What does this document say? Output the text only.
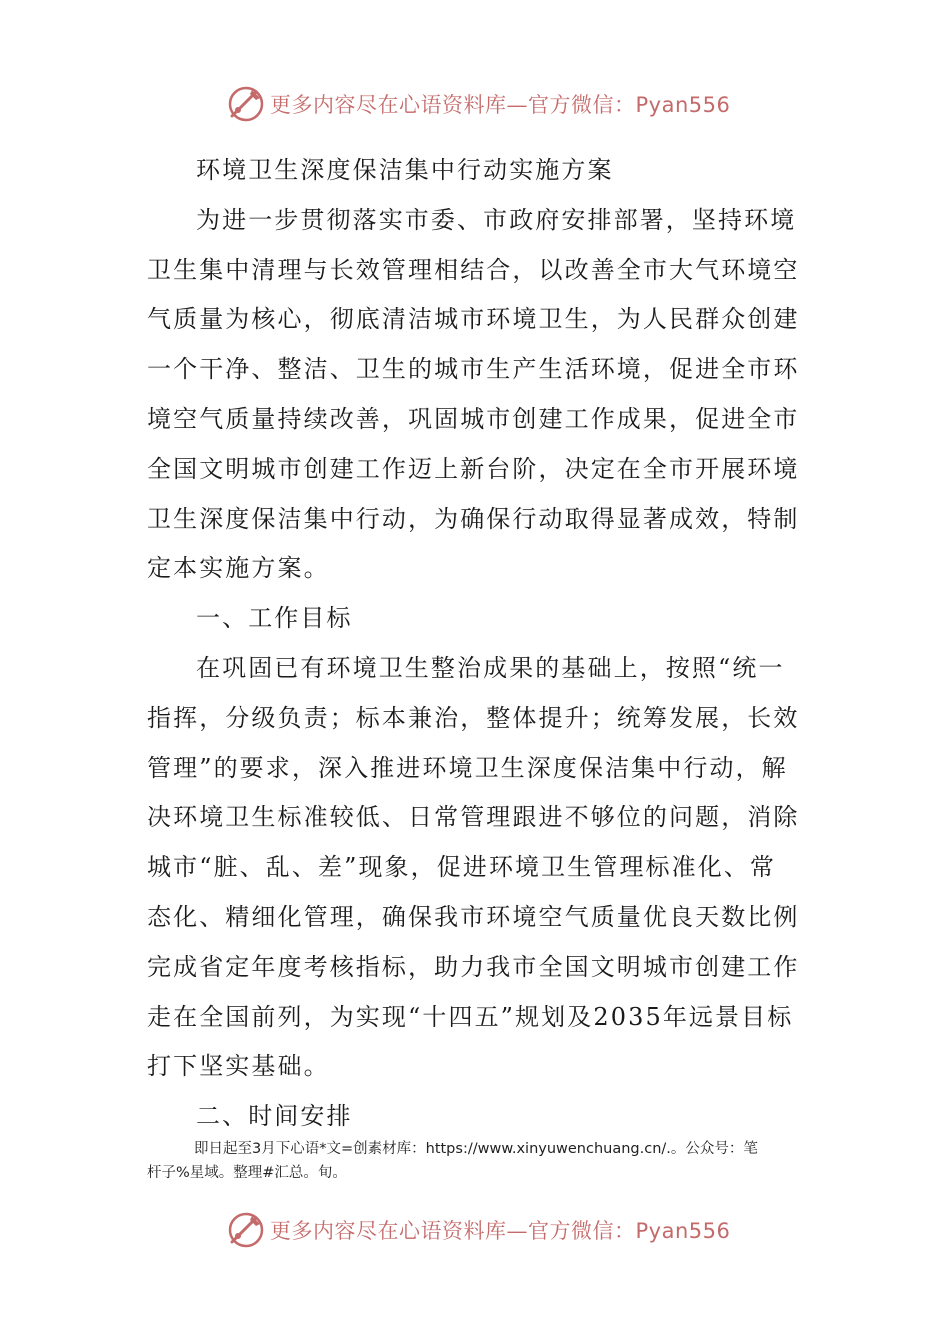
更多内容尽在心语资料库—官方微信：Pyan556

环境卫生深度保洁集中行动实施方案

为进一步贯彻落实市委、市政府安排部署，坚持环境

卫生集中清理与长效管理相结合，以改善全市大气环境空

气质量为核心，彻底清洁城市环境卫生，为人民群众创建

一个干净、整洁、卫生的城市生产生活环境，促进全市环

境空气质量持续改善，巩固城市创建工作成果，促进全市

全国文明城市创建工作迈上新台阶，决定在全市开展环境

卫生深度保洁集中行动，为确保行动取得显著成效，特制

定本实施方案。

一、工作目标

在巩固已有环境卫生整治成果的基础上，按照“统一

指挥，分级负责；标本兼治，整体提升；统筹发展，长效

管理”的要求，深入推进环境卫生深度保洁集中行动，解

决环境卫生标准较低、日常管理跟进不够位的问题，消除

城市“脏、乱、差”现象，促进环境卫生管理标准化、常

态化、精细化管理，确保我市环境空气质量优良天数比例

完成省定年度考核指标，助力我市全国文明城市创建工作

走在全国前列，为实现“十四五”规划及2035年远景目标

打下坚实基础。

二、时间安排

即日起至3月下心语*文=创素材库：https://www.xinyuwenchuang.cn/.。公众号：笔
杆子%星域。整理#汇总。旬。
更多内容尽在心语资料库—官方微信：Pyan556
